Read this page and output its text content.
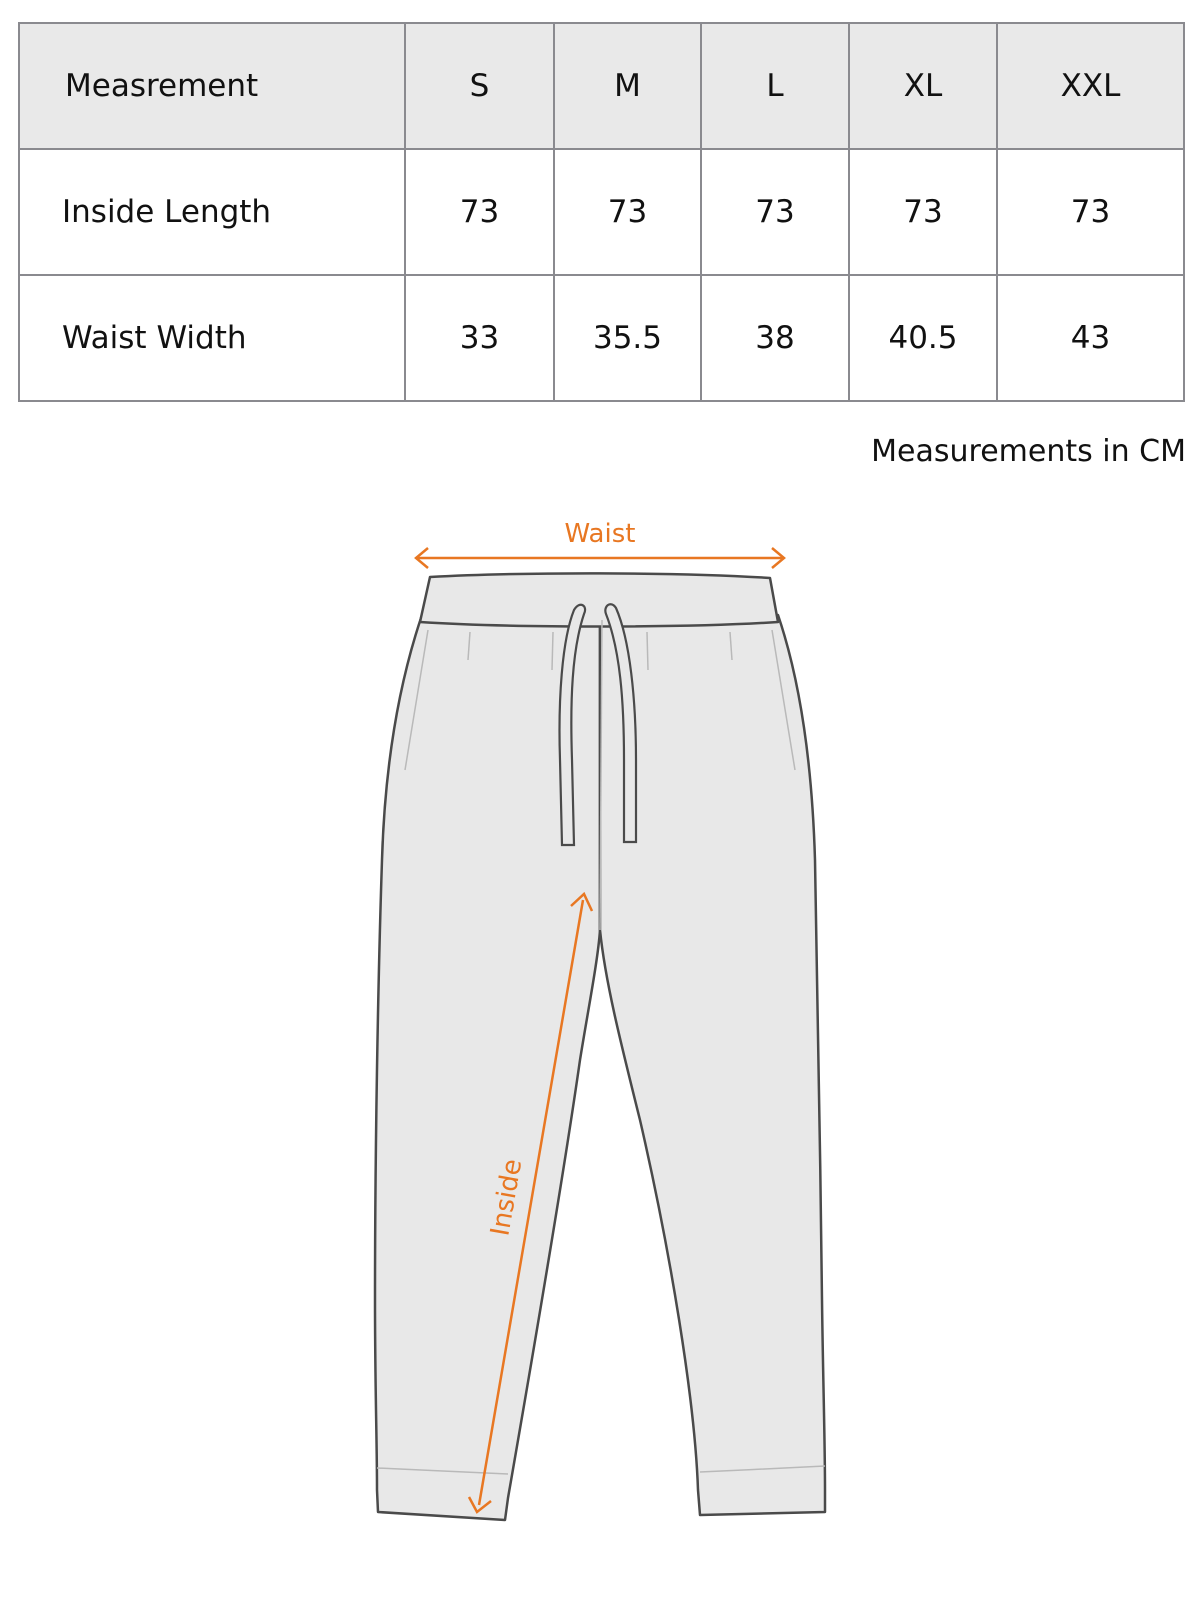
Measrement	S	M	L	XL	XXL
Inside Length	73	73	73	73	73
Waist Width	33	35.5	38	40.5	43
Measurements in CM
Waist
Inside
